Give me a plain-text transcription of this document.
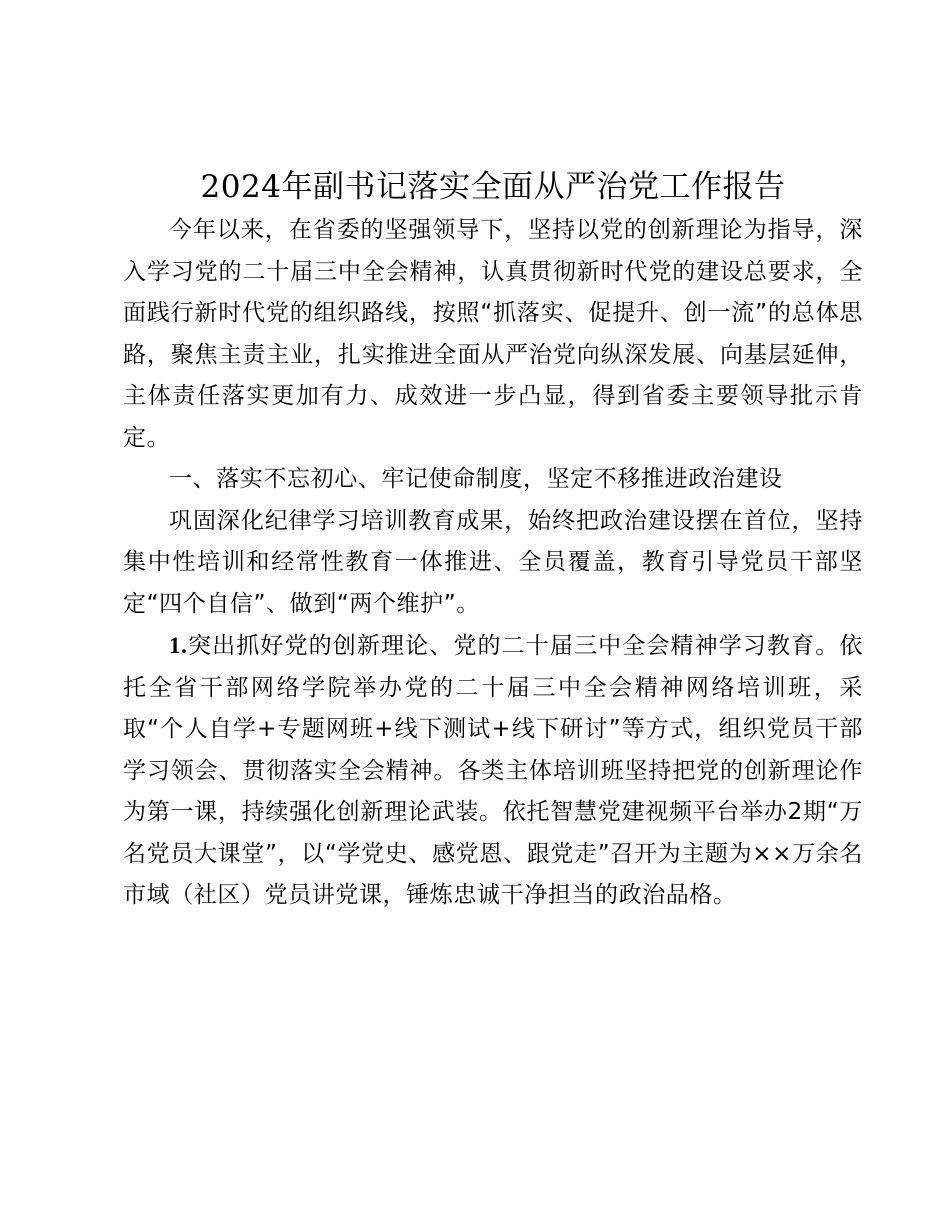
2024年副书记落实全面从严治党工作报告

今年以来，在省委的坚强领导下，坚持以党的创新理论为指导，深入学习党的二十届三中全会精神，认真贯彻新时代党的建设总要求，全面践行新时代党的组织路线，按照“抓落实、促提升、创一流”的总体思路，聚焦主责主业，扎实推进全面从严治党向纵深发展、向基层延伸，主体责任落实更加有力、成效进一步凸显，得到省委主要领导批示肯定。

一、落实不忘初心、牢记使命制度，坚定不移推进政治建设

巩固深化纪律学习培训教育成果，始终把政治建设摆在首位，坚持集中性培训和经常性教育一体推进、全员覆盖，教育引导党员干部坚定“四个自信”、做到“两个维护”。

1.突出抓好党的创新理论、党的二十届三中全会精神学习教育。依托全省干部网络学院举办党的二十届三中全会精神网络培训班，采取“个人自学+专题网班+线下测试+线下研讨”等方式，组织党员干部学习领会、贯彻落实全会精神。各类主体培训班坚持把党的创新理论作为第一课，持续强化创新理论武装。依托智慧党建视频平台举办2期“万名党员大课堂”，以“学党史、感党恩、跟党走”召开为主题为××万余名市域（社区）党员讲党课，锤炼忠诚干净担当的政治品格。
